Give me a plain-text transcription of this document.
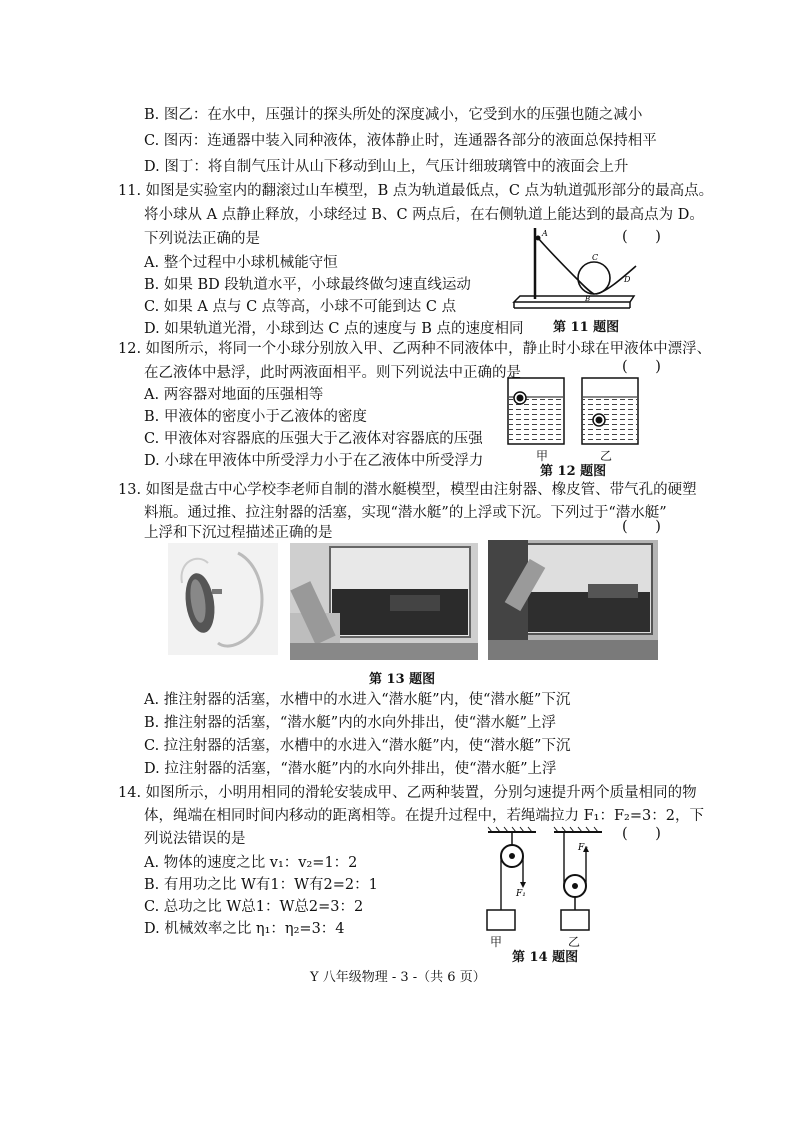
B. 图乙：在水中，压强计的探头所处的深度减小，它受到水的压强也随之减小
C. 图丙：连通器中装入同种液体，液体静止时，连通器各部分的液面总保持相平
D. 图丁：将自制气压计从山下移动到山上，气压计细玻璃管中的液面会上升
11. 如图是实验室内的翻滚过山车模型，B 点为轨道最低点，C 点为轨道弧形部分的最高点。
将小球从 A 点静止释放，小球经过 B、C 两点后，在右侧轨道上能达到的最高点为 D。
下列说法正确的是	(      )
A. 整个过程中小球机械能守恒
B. 如果 BD 段轨道水平，小球最终做匀速直线运动
C. 如果 A 点与 C 点等高，小球不可能到达 C 点
D. 如果轨道光滑，小球到达 C 点的速度与 B 点的速度相同
A
C
D
B
第 11 题图
12. 如图所示，将同一个小球分别放入甲、乙两种不同液体中，静止时小球在甲液体中漂浮、
在乙液体中悬浮，此时两液面相平。则下列说法中正确的是	(      )
A. 两容器对地面的压强相等
B. 甲液体的密度小于乙液体的密度
C. 甲液体对容器底的压强大于乙液体对容器底的压强
D. 小球在甲液体中所受浮力小于在乙液体中所受浮力	甲	乙
第 12 题图
13. 如图是盘古中心学校李老师自制的潜水艇模型，模型由注射器、橡皮管、带气孔的硬塑
料瓶。通过推、拉注射器的活塞，实现“潜水艇”的上浮或下沉。下列过于“潜水艇”
上浮和下沉过程描述正确的是	(      )
第 13 题图
A. 推注射器的活塞，水槽中的水进入“潜水艇”内，使“潜水艇”下沉
B. 推注射器的活塞，“潜水艇”内的水向外排出，使“潜水艇”上浮
C. 拉注射器的活塞，水槽中的水进入“潜水艇”内，使“潜水艇”下沉
D. 拉注射器的活塞，“潜水艇”内的水向外排出，使“潜水艇”上浮
14. 如图所示，小明用相同的滑轮安装成甲、乙两种装置，分别匀速提升两个质量相同的物
体，绳端在相同时间内移动的距离相等。在提升过程中，若绳端拉力 F₁：F₂=3：2，下
列说法错误的是	(      )
A. 物体的速度之比 v₁：v₂=1：2
B. 有用功之比 W有1：W有2=2：1
C. 总功之比 W总1：W总2=3：2
D. 机械效率之比 η₁：η₂=3：4
F₁
F₂
甲	乙
第 14 题图
Y 八年级物理 - 3 -（共 6 页）
